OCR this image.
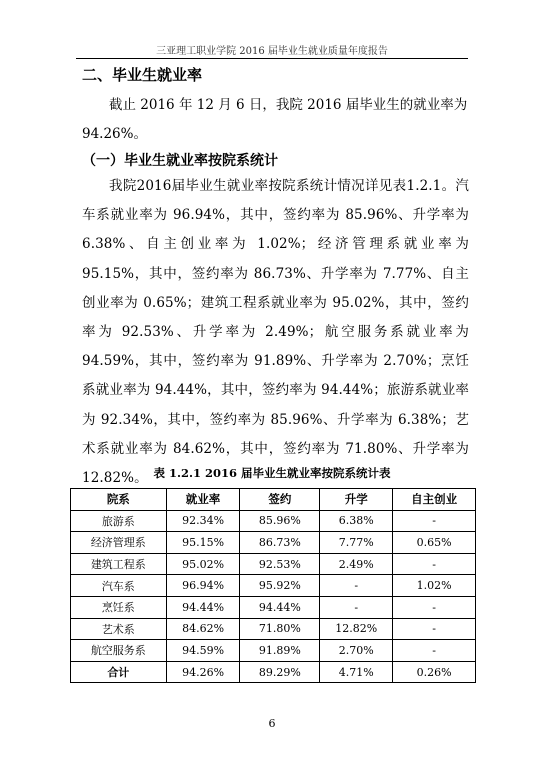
三亚理工职业学院 2016 届毕业生就业质量年度报告
二、毕业生就业率
截止 2016 年 12 月 6 日，我院 2016 届毕业生的就业率为 94.26%。
（一）毕业生就业率按院系统计
我院2016届毕业生就业率按院系统计情况详见表1.2.1。汽车系就业率为 96.94%，其中，签约率为 85.96%、升学率为 6.38%、自主创业率为 1.02%；经济管理系就业率为 95.15%，其中，签约率为 86.73%、升学率为 7.77%、自主创业率为 0.65%；建筑工程系就业率为 95.02%，其中，签约率为 92.53%、升学率为 2.49%；航空服务系就业率为 94.59%，其中，签约率为 91.89%、升学率为 2.70%；烹饪系就业率为 94.44%，其中，签约率为 94.44%；旅游系就业率为 92.34%，其中，签约率为 85.96%、升学率为 6.38%；艺术系就业率为 84.62%，其中，签约率为 71.80%、升学率为 12.82%。 表 1.2.1 2016 届毕业生就业率按院系统计表
院系	就业率	签约	升学	自主创业
旅游系	92.34%	85.96%	6.38%	-
经济管理系	95.15%	86.73%	7.77%	0.65%
建筑工程系	95.02%	92.53%	2.49%	-
汽车系	96.94%	95.92%	-	1.02%
烹饪系	94.44%	94.44%	-	-
艺术系	84.62%	71.80%	12.82%	-
航空服务系	94.59%	91.89%	2.70%	-
合计	94.26%	89.29%	4.71%	0.26%
6
